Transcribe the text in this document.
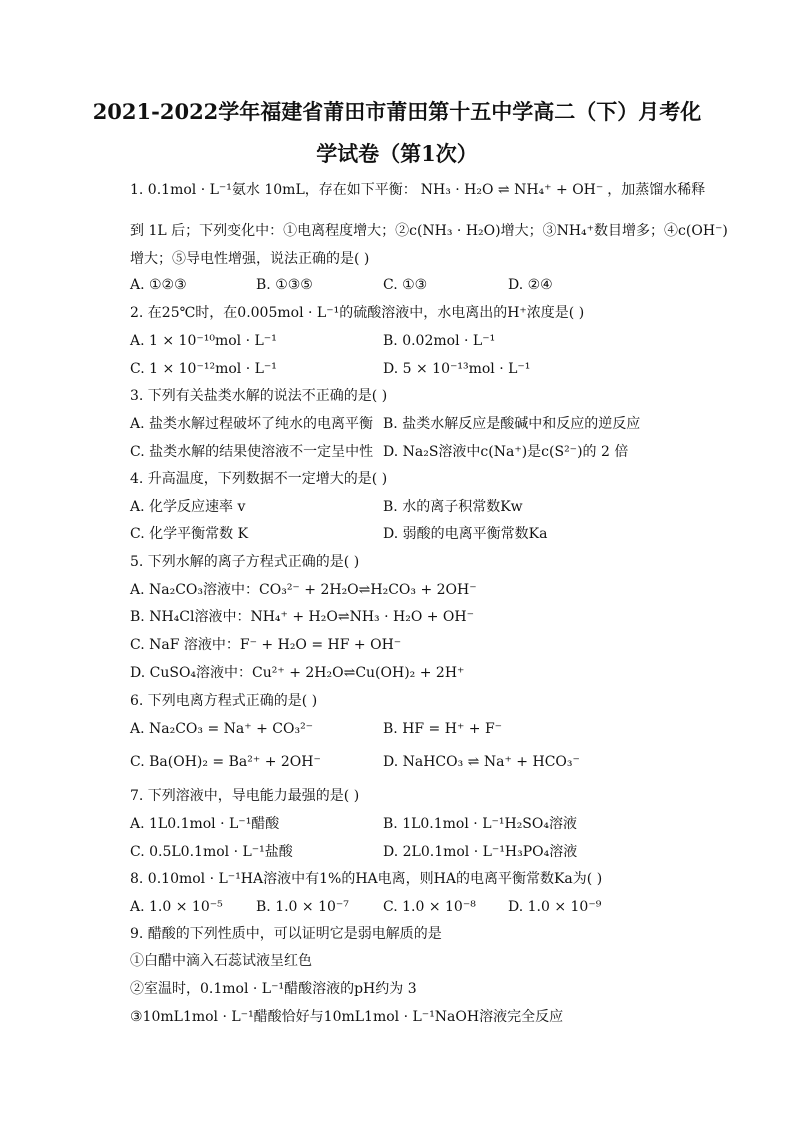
2021-2022学年福建省莆田市莆田第十五中学高二（下）月考化
学试卷（第1次）
1. 0.1mol · L⁻¹氨水 10mL，存在如下平衡： NH₃ · H₂O ⇌ NH₄⁺ + OH⁻ ，加蒸馏水稀释
到 1L 后；下列变化中：①电离程度增大；②c(NH₃ · H₂O)增大；③NH₄⁺数目增多；④c(OH⁻)
增大；⑤导电性增强，说法正确的是( )
A. ①②③	B. ①③⑤	C. ①③	D. ②④
2. 在25℃时，在0.005mol · L⁻¹的硫酸溶液中，水电离出的H⁺浓度是( )
A. 1 × 10⁻¹⁰mol · L⁻¹	B. 0.02mol · L⁻¹
C. 1 × 10⁻¹²mol · L⁻¹	D. 5 × 10⁻¹³mol · L⁻¹
3. 下列有关盐类水解的说法不正确的是( )
A. 盐类水解过程破坏了纯水的电离平衡 B. 盐类水解反应是酸碱中和反应的逆反应
C. 盐类水解的结果使溶液不一定呈中性 D. Na₂S溶液中c(Na⁺)是c(S²⁻)的 2 倍
4. 升高温度，下列数据不一定增大的是( )
A. 化学反应速率 v	B. 水的离子积常数Kw
C. 化学平衡常数 K	D. 弱酸的电离平衡常数Ka
5. 下列水解的离子方程式正确的是( )
A. Na₂CO₃溶液中：CO₃²⁻ + 2H₂O⇌H₂CO₃ + 2OH⁻
B. NH₄Cl溶液中：NH₄⁺ + H₂O⇌NH₃ · H₂O + OH⁻
C. NaF 溶液中：F⁻ + H₂O = HF + OH⁻
D. CuSO₄溶液中：Cu²⁺ + 2H₂O⇌Cu(OH)₂ + 2H⁺
6. 下列电离方程式正确的是( )
A. Na₂CO₃ = Na⁺ + CO₃²⁻	B. HF = H⁺ + F⁻
C. Ba(OH)₂ = Ba²⁺ + 2OH⁻	D. NaHCO₃ ⇌ Na⁺ + HCO₃⁻
7. 下列溶液中，导电能力最强的是( )
A. 1L0.1mol · L⁻¹醋酸	B. 1L0.1mol · L⁻¹H₂SO₄溶液
C. 0.5L0.1mol · L⁻¹盐酸	D. 2L0.1mol · L⁻¹H₃PO₄溶液
8. 0.10mol · L⁻¹HA溶液中有1%的HA电离，则HA的电离平衡常数Ka为( )
A. 1.0 × 10⁻⁵ B. 1.0 × 10⁻⁷ C. 1.0 × 10⁻⁸ D. 1.0 × 10⁻⁹
9. 醋酸的下列性质中，可以证明它是弱电解质的是
①白醋中滴入石蕊试液呈红色
②室温时，0.1mol · L⁻¹醋酸溶液的pH约为 3
③10mL1mol · L⁻¹醋酸恰好与10mL1mol · L⁻¹NaOH溶液完全反应
